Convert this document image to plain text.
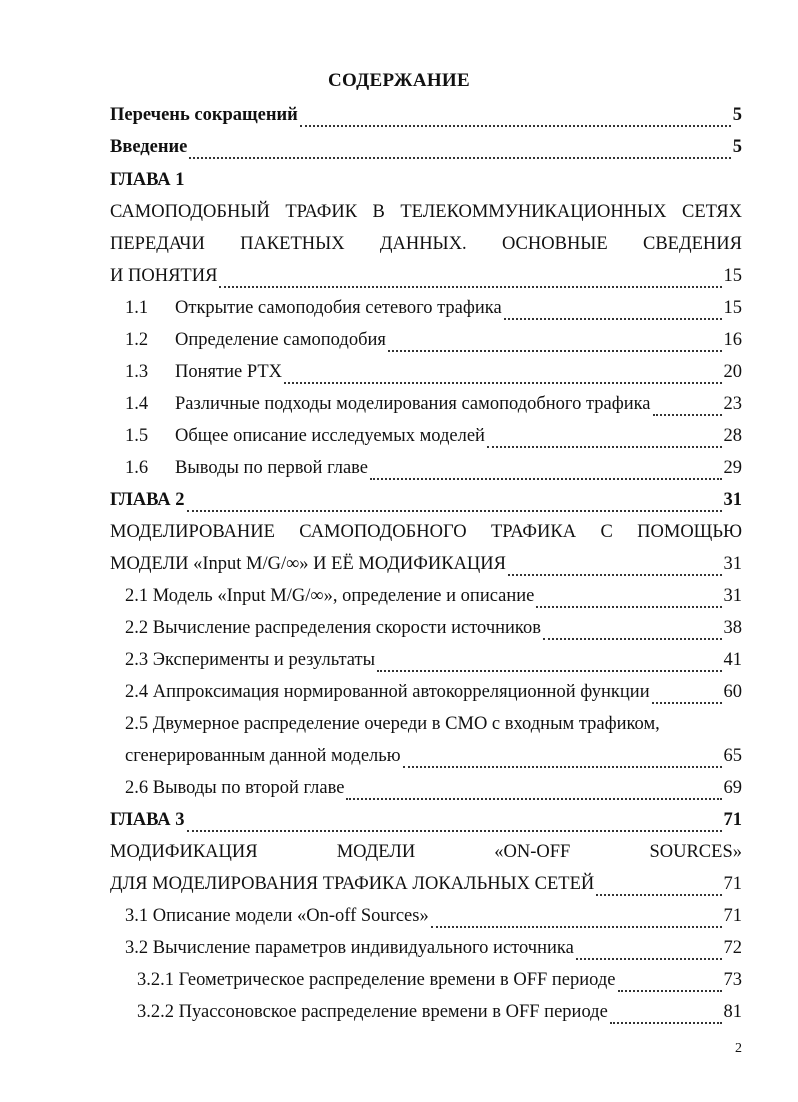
СОДЕРЖАНИЕ
Перечень сокращений	5
Введение	5
ГЛАВА 1
САМОПОДОБНЫЙ ТРАФИК В ТЕЛЕКОММУНИКАЦИОННЫХ СЕТЯХ
ПЕРЕДАЧИ ПАКЕТНЫХ ДАННЫХ. ОСНОВНЫЕ СВЕДЕНИЯ
И ПОНЯТИЯ	15
1.1 Открытие самоподобия сетевого трафика	15
1.2 Определение самоподобия	16
1.3 Понятие РТХ	20
1.4 Различные подходы моделирования самоподобного трафика	23
1.5 Общее описание исследуемых моделей	28
1.6 Выводы по первой главе	29
ГЛАВА 2	31
МОДЕЛИРОВАНИЕ САМОПОДОБНОГО ТРАФИКА С ПОМОЩЬЮ
МОДЕЛИ «Input M/G/∞» И ЕЁ МОДИФИКАЦИЯ	31
2.1 Модель «Input M/G/∞», определение и описание	31
2.2 Вычисление распределения скорости источников	38
2.3 Эксперименты и результаты	41
2.4 Аппроксимация нормированной автокорреляционной функции	60
2.5 Двумерное распределение очереди в СМО с входным трафиком,
сгенерированным данной моделью	65
2.6 Выводы по второй главе	69
ГЛАВА 3	71
МОДИФИКАЦИЯ	МОДЕЛИ	«ON-OFF	SOURCES»
ДЛЯ МОДЕЛИРОВАНИЯ ТРАФИКА ЛОКАЛЬНЫХ СЕТЕЙ	71
3.1 Описание модели «On-off Sources»	71
3.2 Вычисление параметров индивидуального источника	72
3.2.1 Геометрическое распределение времени в OFF периоде	73
3.2.2 Пуассоновское распределение времени в OFF периоде	81
2
